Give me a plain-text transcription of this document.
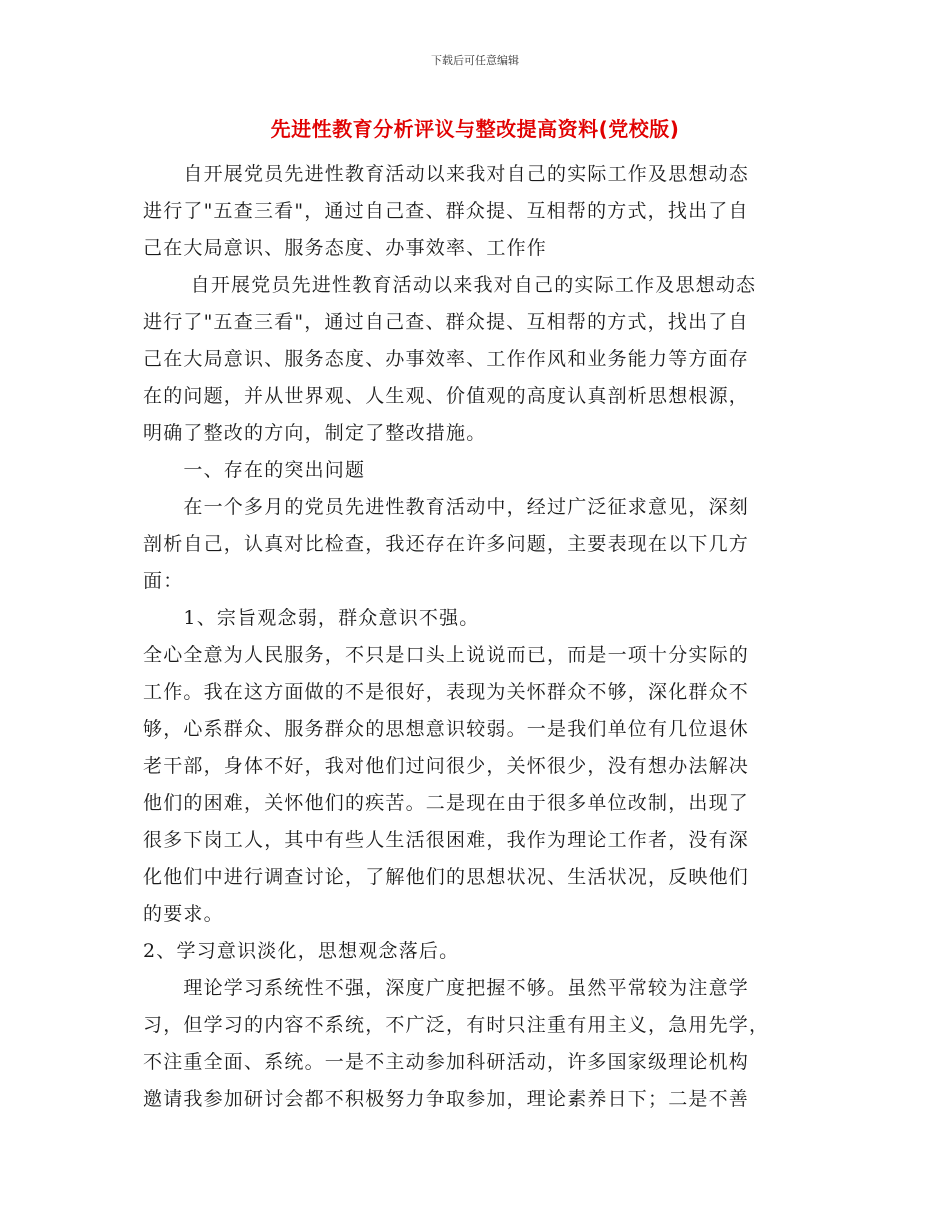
下载后可任意编辑
先进性教育分析评议与整改提高资料(党校版)
　　自开展党员先进性教育活动以来我对自己的实际工作及思想动态
进行了"五查三看"，通过自己查、群众提、互相帮的方式，找出了自
己在大局意识、服务态度、办事效率、工作作
　　 自开展党员先进性教育活动以来我对自己的实际工作及思想动态
进行了"五查三看"，通过自己查、群众提、互相帮的方式，找出了自
己在大局意识、服务态度、办事效率、工作作风和业务能力等方面存
在的问题，并从世界观、人生观、价值观的高度认真剖析思想根源，
明确了整改的方向，制定了整改措施。
　　一、存在的突出问题
　　在一个多月的党员先进性教育活动中，经过广泛征求意见，深刻
剖析自己，认真对比检查，我还存在许多问题，主要表现在以下几方
面：
　　1、宗旨观念弱，群众意识不强。
全心全意为人民服务，不只是口头上说说而已，而是一项十分实际的
工作。我在这方面做的不是很好，表现为关怀群众不够，深化群众不
够，心系群众、服务群众的思想意识较弱。一是我们单位有几位退休
老干部，身体不好，我对他们过问很少，关怀很少，没有想办法解决
他们的困难，关怀他们的疾苦。二是现在由于很多单位改制，出现了
很多下岗工人，其中有些人生活很困难，我作为理论工作者，没有深
化他们中进行调查讨论，了解他们的思想状况、生活状况，反映他们
的要求。
2、学习意识淡化，思想观念落后。
　　理论学习系统性不强，深度广度把握不够。虽然平常较为注意学
习，但学习的内容不系统，不广泛，有时只注重有用主义，急用先学，
不注重全面、系统。一是不主动参加科研活动，许多国家级理论机构
邀请我参加研讨会都不积极努力争取参加，理论素养日下；二是不善
